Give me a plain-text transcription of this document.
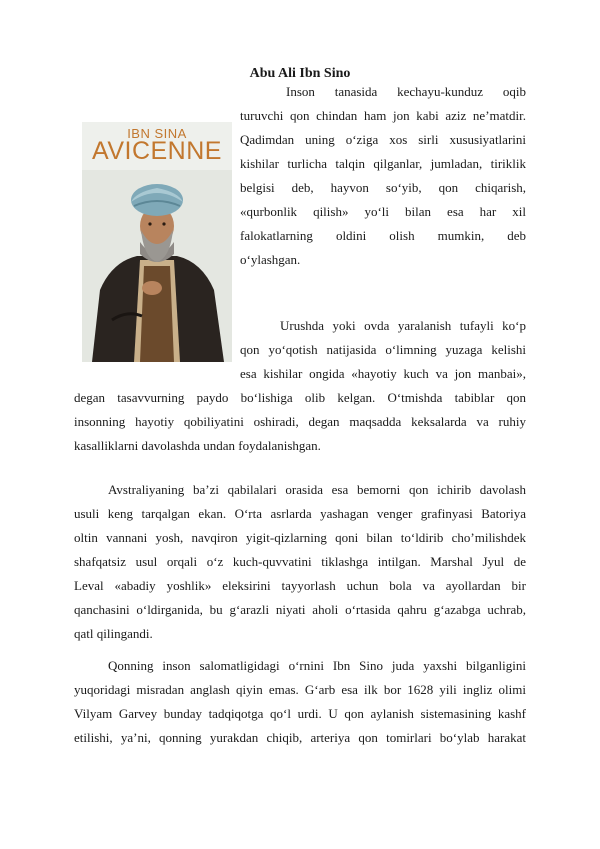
Abu Ali Ibn Sino
IBN SINA
AVICENNE
Inson tanasida kechayu-kunduz oqib
turuvchi qon chindan ham jon kabi aziz ne’matdir.
Qadimdan uning o‘ziga xos sirli xususiyatlarini
kishilar turlicha talqin qilganlar, jumladan, tiriklik
belgisi deb, hayvon so‘yib, qon chiqarish,
«qurbonlik qilish» yo‘li bilan esa har xil
falokatlarning oldini olish mumkin, deb
o‘ylashgan.
Urushda yoki ovda yaralanish tufayli ko‘p
qon yo‘qotish natijasida o‘limning yuzaga kelishi
esa kishilar ongida «hayotiy kuch va jon manbai»,
degan tasavvurning paydo bo‘lishiga olib kelgan. O‘tmishda tabiblar qon
insonning hayotiy qobiliyatini oshiradi, degan maqsadda keksalarda va ruhiy
kasalliklarni davolashda undan foydalanishgan.
Avstraliyaning ba’zi qabilalari orasida esa bemorni qon ichirib davolash
usuli keng tarqalgan ekan. O‘rta asrlarda yashagan venger grafinyasi Batoriya
oltin vannani yosh, navqiron yigit-qizlarning qoni bilan to‘ldirib cho’milishdek
shafqatsiz usul orqali o‘z kuch-quvvatini tiklashga intilgan. Marshal Jyul de
Leval «abadiy yoshlik» eleksirini tayyorlash uchun bola va ayollardan bir
qanchasini o‘ldirganida, bu g‘arazli niyati aholi o‘rtasida qahru g‘azabga uchrab,
qatl qilingandi.
Qonning inson salomatligidagi o‘rnini Ibn Sino juda yaxshi bilganligini
yuqoridagi misradan anglash qiyin emas. G‘arb esa ilk bor 1628 yili ingliz olimi
Vilyam Garvey bunday tadqiqotga qo‘l urdi. U qon aylanish sistemasining kashf
etilishi, ya’ni, qonning yurakdan chiqib, arteriya qon tomirlari bo‘ylab harakat
